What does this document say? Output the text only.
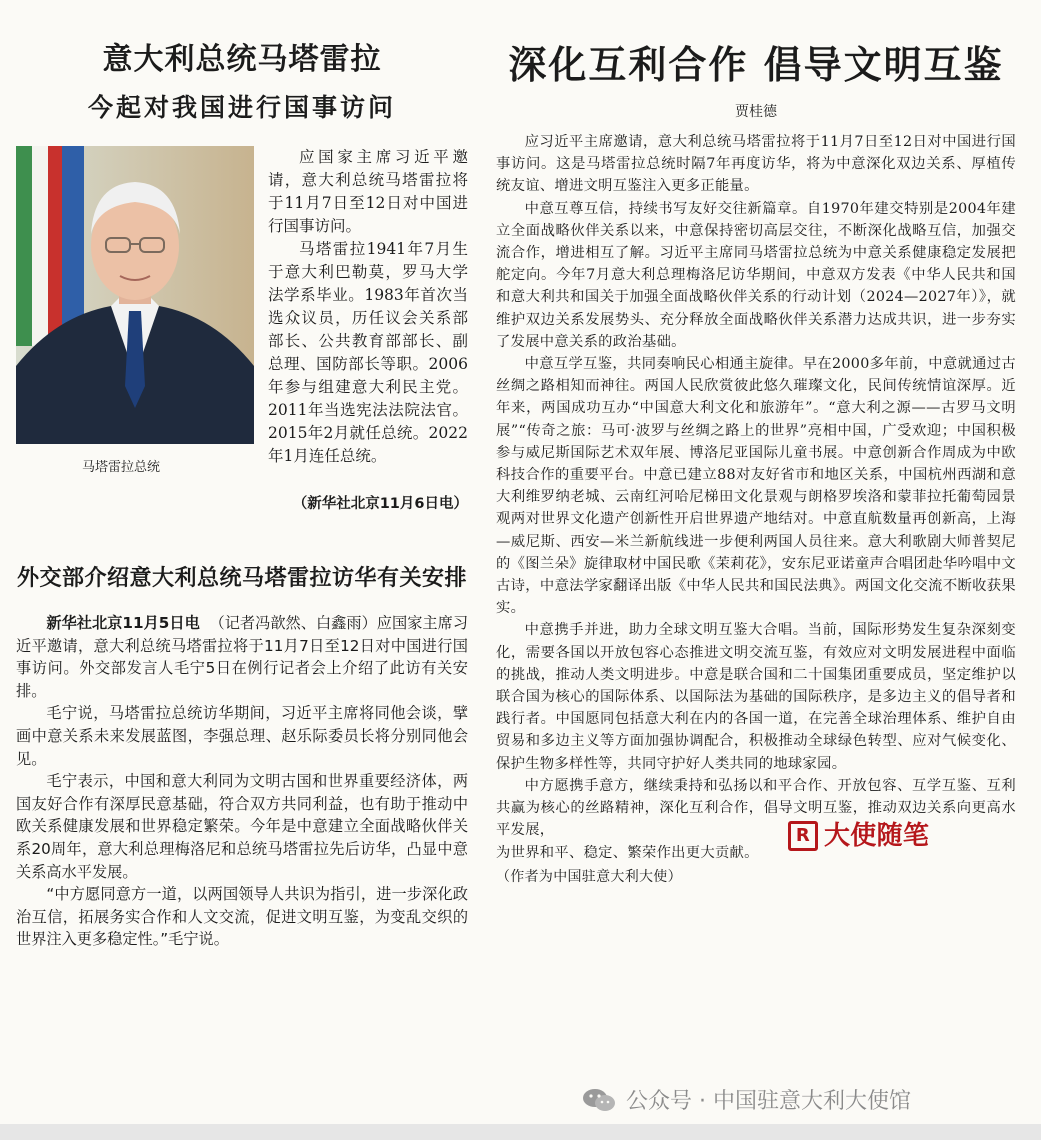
意大利总统马塔雷拉
今起对我国进行国事访问
马塔雷拉总统

应国家主席习近平邀请，意大利总统马塔雷拉将于11月7日至12日对中国进行国事访问。

马塔雷拉1941年7月生于意大利巴勒莫，罗马大学法学系毕业。1983年首次当选众议员，历任议会关系部部长、公共教育部部长、副总理、国防部长等职。2006年参与组建意大利民主党。2011年当选宪法法院法官。2015年2月就任总统。2022年1月连任总统。

（新华社北京11月6日电）
外交部介绍意大利总统马塔雷拉访华有关安排

新华社北京11月5日电 （记者冯歆然、白鑫雨）应国家主席习近平邀请，意大利总统马塔雷拉将于11月7日至12日对中国进行国事访问。外交部发言人毛宁5日在例行记者会上介绍了此访有关安排。

毛宁说，马塔雷拉总统访华期间，习近平主席将同他会谈，擘画中意关系未来发展蓝图，李强总理、赵乐际委员长将分别同他会见。

毛宁表示，中国和意大利同为文明古国和世界重要经济体，两国友好合作有深厚民意基础，符合双方共同利益，也有助于推动中欧关系健康发展和世界稳定繁荣。今年是中意建立全面战略伙伴关系20周年，意大利总理梅洛尼和总统马塔雷拉先后访华，凸显中意关系高水平发展。

“中方愿同意方一道，以两国领导人共识为指引，进一步深化政治互信，拓展务实合作和人文交流，促进文明互鉴，为变乱交织的世界注入更多稳定性。”毛宁说。

深化互利合作 倡导文明互鉴
贾桂德

应习近平主席邀请，意大利总统马塔雷拉将于11月7日至12日对中国进行国事访问。这是马塔雷拉总统时隔7年再度访华，将为中意深化双边关系、厚植传统友谊、增进文明互鉴注入更多正能量。

中意互尊互信，持续书写友好交往新篇章。自1970年建交特别是2004年建立全面战略伙伴关系以来，中意保持密切高层交往，不断深化战略互信，加强交流合作，增进相互了解。习近平主席同马塔雷拉总统为中意关系健康稳定发展把舵定向。今年7月意大利总理梅洛尼访华期间，中意双方发表《中华人民共和国和意大利共和国关于加强全面战略伙伴关系的行动计划（2024—2027年）》，就维护双边关系发展势头、充分释放全面战略伙伴关系潜力达成共识，进一步夯实了发展中意关系的政治基础。

中意互学互鉴，共同奏响民心相通主旋律。早在2000多年前，中意就通过古丝绸之路相知而神往。两国人民欣赏彼此悠久璀璨文化，民间传统情谊深厚。近年来，两国成功互办“中国意大利文化和旅游年”。“意大利之源——古罗马文明展”“传奇之旅：马可·波罗与丝绸之路上的世界”亮相中国，广受欢迎；中国积极参与威尼斯国际艺术双年展、博洛尼亚国际儿童书展。中意创新合作周成为中欧科技合作的重要平台。中意已建立88对友好省市和地区关系，中国杭州西湖和意大利维罗纳老城、云南红河哈尼梯田文化景观与朗格罗埃洛和蒙菲拉托葡萄园景观两对世界文化遗产创新性开启世界遗产地结对。中意直航数量再创新高，上海—威尼斯、西安—米兰新航线进一步便利两国人员往来。意大利歌剧大师普契尼的《图兰朵》旋律取材中国民歌《茉莉花》，安东尼亚诺童声合唱团赴华吟唱中文古诗，中意法学家翻译出版《中华人民共和国民法典》。两国文化交流不断收获果实。

中意携手并进，助力全球文明互鉴大合唱。当前，国际形势发生复杂深刻变化，需要各国以开放包容心态推进文明交流互鉴，有效应对文明发展进程中面临的挑战，推动人类文明进步。中意是联合国和二十国集团重要成员，坚定维护以联合国为核心的国际体系、以国际法为基础的国际秩序，是多边主义的倡导者和践行者。中国愿同包括意大利在内的各国一道，在完善全球治理体系、维护自由贸易和多边主义等方面加强协调配合，积极推动全球绿色转型、应对气候变化、保护生物多样性等，共同守护好人类共同的地球家园。

中方愿携手意方，继续秉持和弘扬以和平合作、开放包容、互学互鉴、互利共赢为核心的丝路精神，深化互利合作，倡导文明互鉴，推动双边关系向更高水平发展，

为世界和平、稳定、繁荣作出更大贡献。
（作者为中国驻意大利大使）
R 大使随笔
公众号 · 中国驻意大利大使馆
